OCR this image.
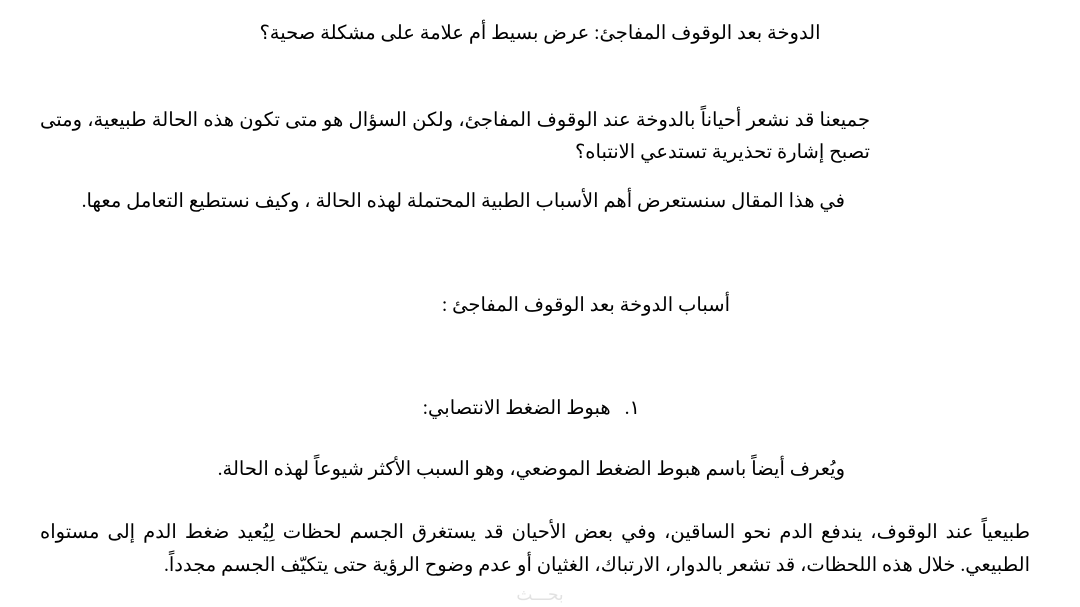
الدوخة بعد الوقوف المفاجئ: عرض بسيط أم علامة على مشكلة صحية؟
جميعنا قد نشعر أحياناً بالدوخة عند الوقوف المفاجئ، ولكن السؤال هو متى تكون هذه الحالة طبيعية، ومتى تصبح إشارة تحذيرية تستدعي الانتباه؟
في هذا المقال سنستعرض أهم الأسباب الطبية المحتملة لهذه الحالة ، وكيف نستطيع التعامل معها.
أسباب الدوخة بعد الوقوف المفاجئ :
١.
هبوط الضغط الانتصابي:
ويُعرف أيضاً باسم هبوط الضغط الموضعي، وهو السبب الأكثر شيوعاً لهذه الحالة.
طبيعياً عند الوقوف، يندفع الدم نحو الساقين، وفي بعض الأحيان قد يستغرق الجسم لحظات لِيُعيد ضغط الدم إلى مستواه الطبيعي. خلال هذه اللحظات، قد تشعر بالدوار، الارتباك، الغثيان أو عدم وضوح الرؤية حتى يتكيّف الجسم مجدداً.
بحـــث
